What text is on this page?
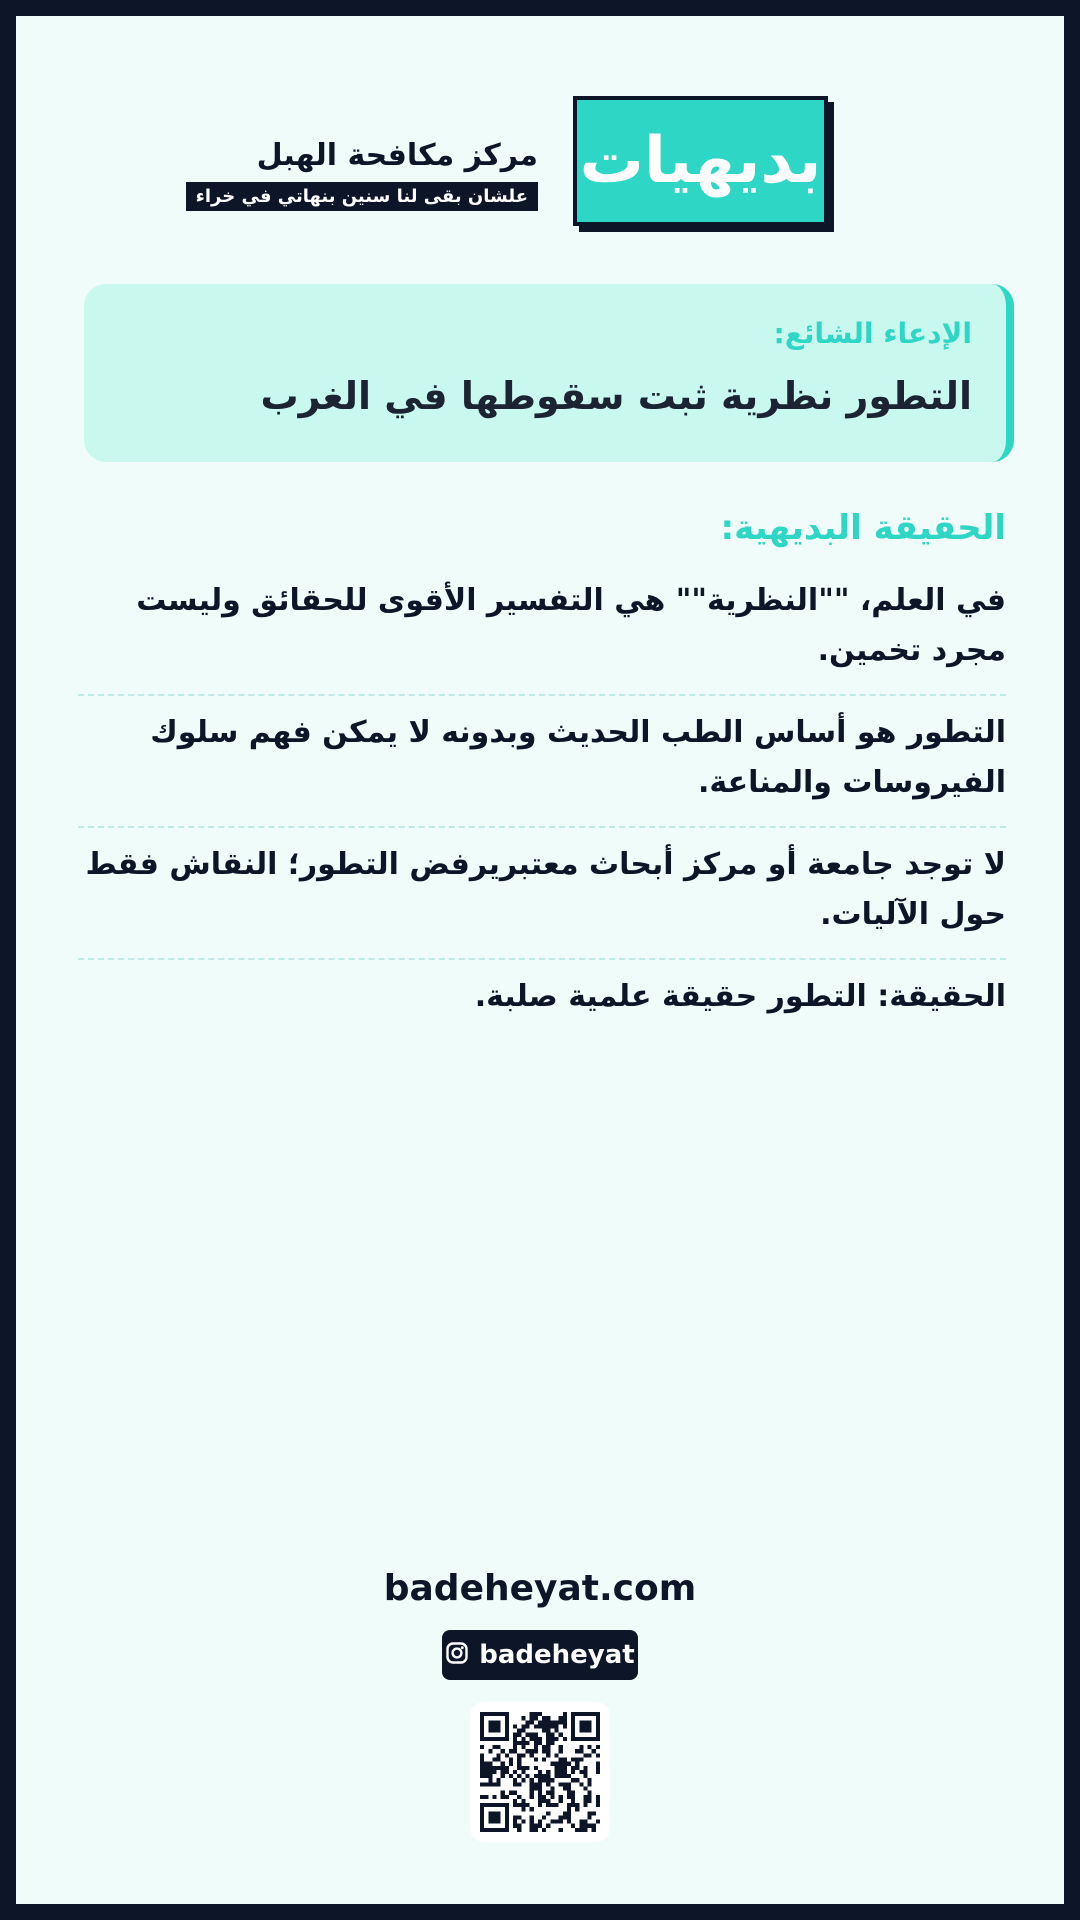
بديهيات
مركز مكافحة الهبل
علشان بقى لنا سنين بنهاتي في خراء
الإدعاء الشائع:
التطور نظرية ثبت سقوطها في الغرب
الحقيقة البديهية:
في العلم، ""النظرية"" هي التفسير الأقوى للحقائق وليست مجرد تخمين.
التطور هو أساس الطب الحديث وبدونه لا يمكن فهم سلوك الفيروسات والمناعة.
لا توجد جامعة أو مركز أبحاث معتبريرفض التطور؛ النقاش فقط حول الآليات.
الحقيقة: التطور حقيقة علمية صلبة.
badeheyat.com
badeheyat
